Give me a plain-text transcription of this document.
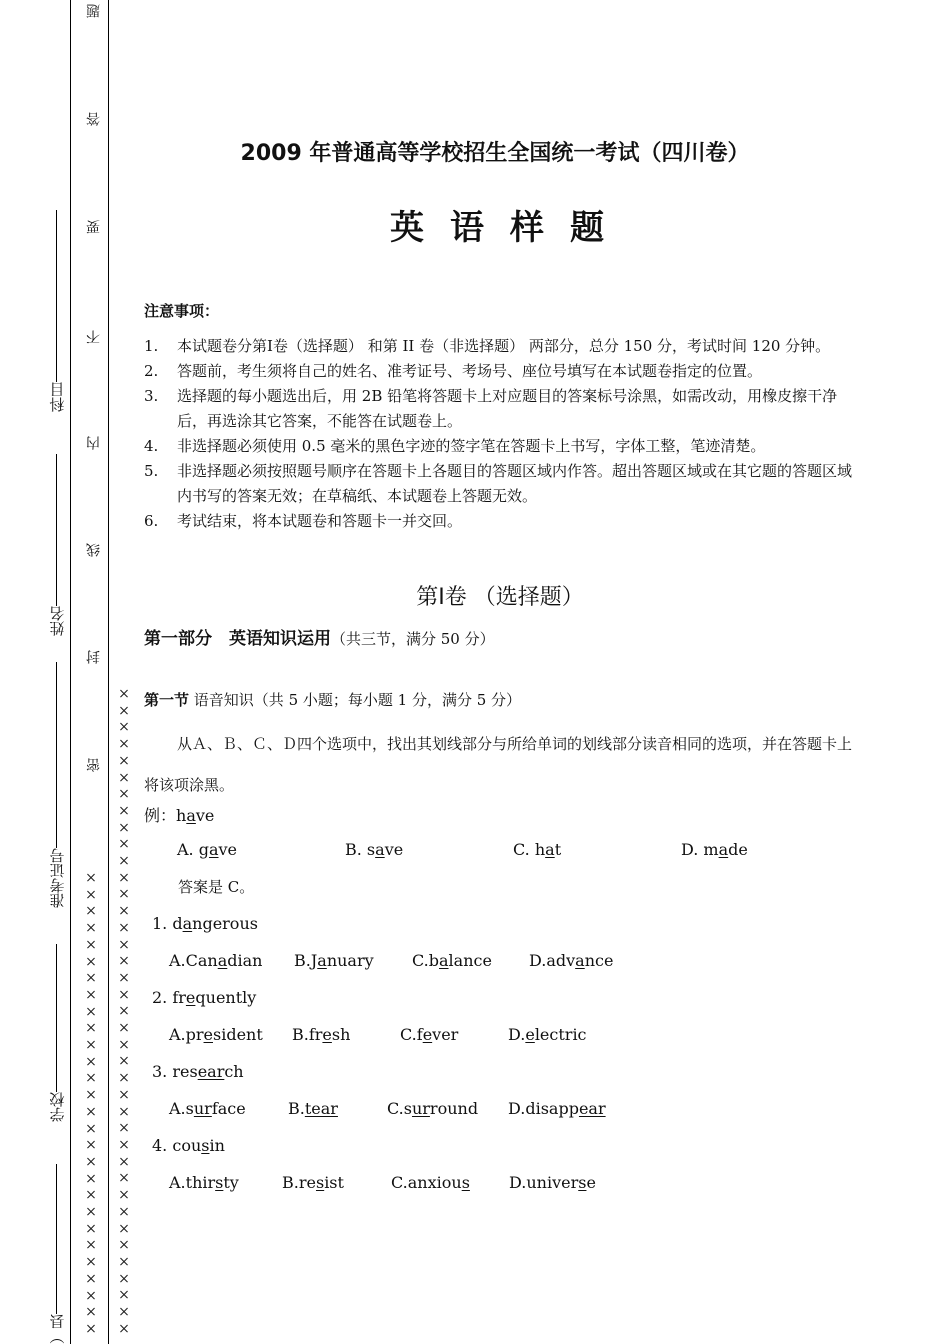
题
答
要
不
内
线
封
密
科目
姓名
准考证号
学校
）县
×
×
×
×
×
×
×
×
×
×
×
×
×
×
×
×
×
×
×
×
×
×
×
×
×
×
×
×
×
×
×
×
×
×
×
×
×
×
×
×
×
×
×
×
×
×
×
×
×
×
×
×
×
×
×
×
×
×
×
×
×
×
×
×
×
×
×
2009 年普通高等学校招生全国统一考试（四川卷）
英语样题
注意事项：
1.	本试题卷分第Ⅰ卷（选择题） 和第 II 卷（非选择题） 两部分，总分 150 分，考试时间 120 分钟。
2.	答题前，考生须将自己的姓名、准考证号、考场号、座位号填写在本试题卷指定的位置。
3.	选择题的每小题选出后，用 2B 铅笔将答题卡上对应题目的答案标号涂黑，如需改动，用橡皮擦干净后，再选涂其它答案，不能答在试题卷上。
4.	非选择题必须使用 0.5 毫米的黑色字迹的签字笔在答题卡上书写，字体工整，笔迹清楚。
5.	非选择题必须按照题号顺序在答题卡上各题目的答题区域内作答。超出答题区域或在其它题的答题区域内书写的答案无效；在草稿纸、本试题卷上答题无效。
6.	考试结束，将本试题卷和答题卡一并交回。
第Ⅰ卷 （选择题）
第一部分　英语知识运用（共三节，满分 50 分）
第一节 语音知识（共 5 小题；每小题 1 分，满分 5 分）
从Ａ、Ｂ、Ｃ、Ｄ四个选项中，找出其划线部分与所给单词的划线部分读音相同的选项，并在答题卡上将该项涂黑。
例：have
A. gave	B. save	C. hat	D. made
答案是 C。
1. dangerous
A.Canadian	B.January	C.balance	D.advance
2. frequently
A.president	B.fresh	C.fever	D.electric
3. research
A.surface	B.tear	C.surround	D.disappear
4. cousin
A.thirsty	B.resist	C.anxious	D.universe
